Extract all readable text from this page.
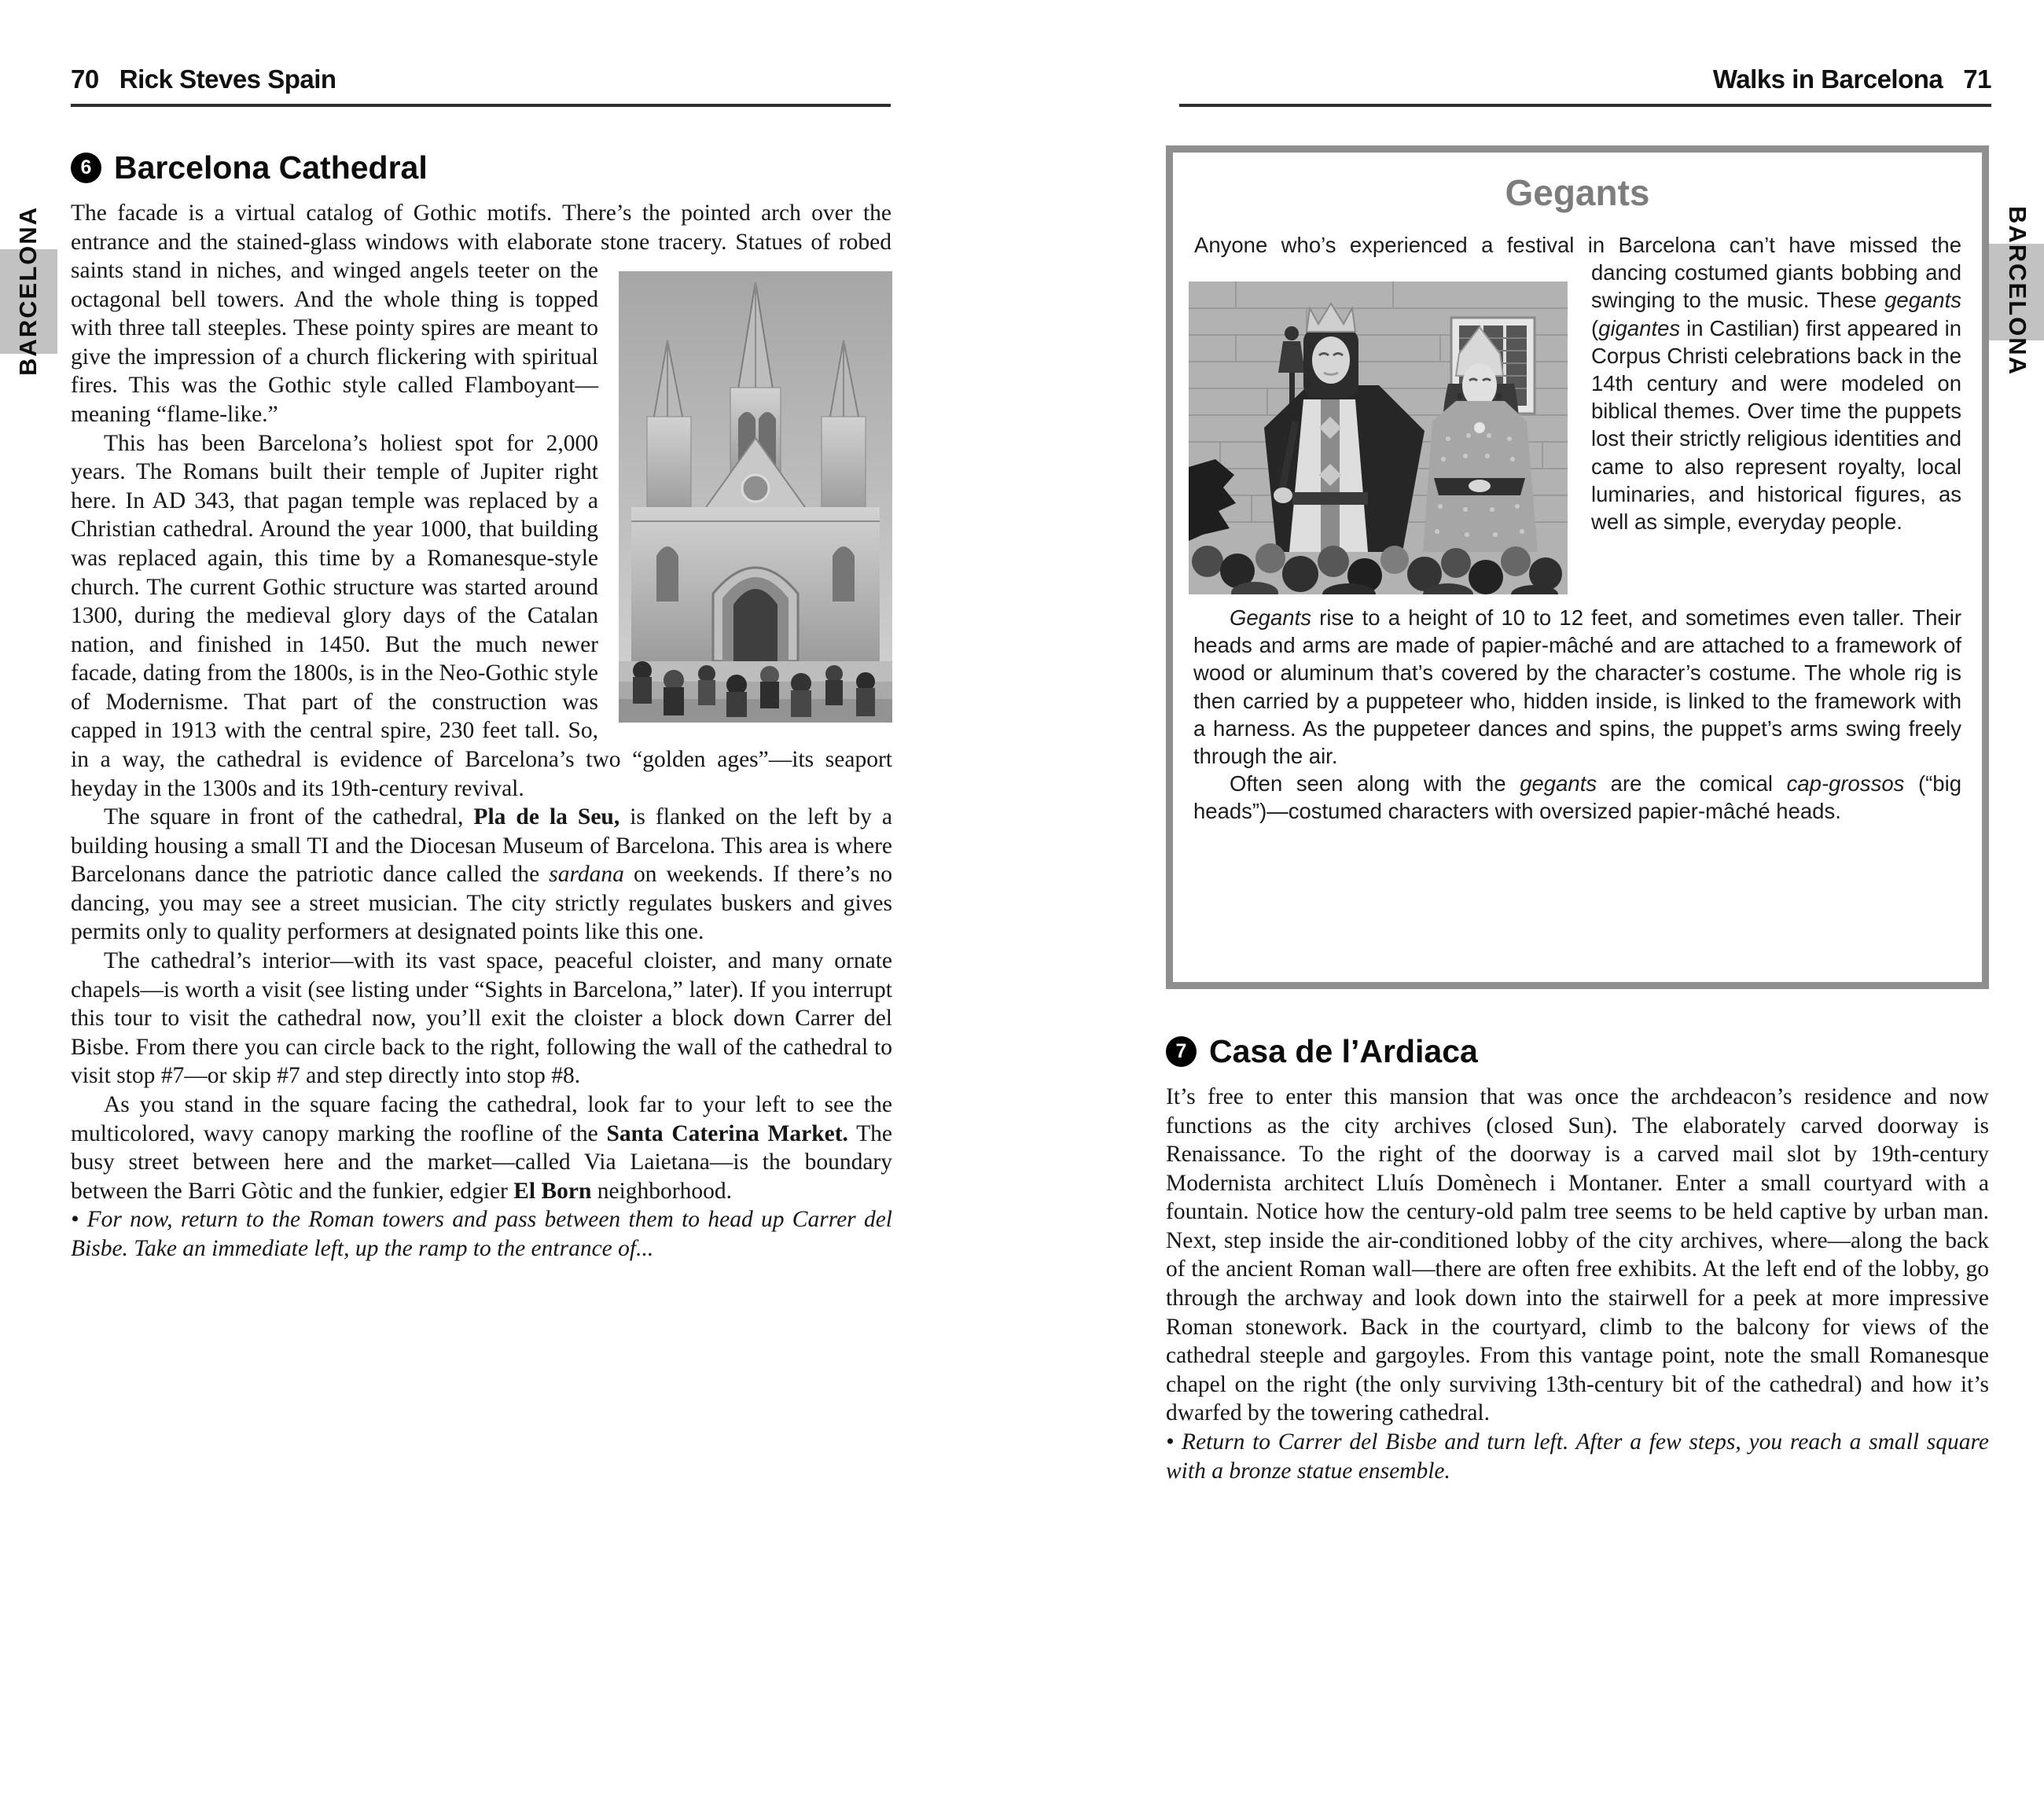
70 Rick Steves Spain	Walks in Barcelona 71
BARCELONA	BARCELONA
6 Barcelona Cathedral

The facade is a virtual catalog of Gothic motifs. There’s the pointed arch over the entrance and the stained-glass windows with elaborate stone tracery. Statues of robed saints stand in niches, and winged angels teeter on the octagonal bell towers. And the whole thing is topped with three tall steeples. These pointy spires are meant to give the impression of a church flickering with spiritual fires. This was the Gothic style called Flamboyant—meaning “flame-like.”

This has been Barcelona’s holiest spot for 2,000 years. The Romans built their temple of Jupiter right here. In AD 343, that pagan temple was replaced by a Christian cathedral. Around the year 1000, that building was replaced again, this time by a Romanesque-style church. The current Gothic structure was started around 1300, during the medieval glory days of the Catalan nation, and finished in 1450. But the much newer facade, dating from the 1800s, is in the Neo-Gothic style of Modernisme. That part of the construction was capped in 1913 with the central spire, 230 feet tall. So, in a way, the cathedral is evidence of Barcelona’s two “golden ages”—its seaport heyday in the 1300s and its 19th-century revival.

The square in front of the cathedral, Pla de la Seu, is flanked on the left by a building housing a small TI and the Diocesan Museum of Barcelona. This area is where Barcelonans dance the patriotic dance called the sardana on weekends. If there’s no dancing, you may see a street musician. The city strictly regulates buskers and gives permits only to quality performers at designated points like this one.

The cathedral’s interior—with its vast space, peaceful cloister, and many ornate chapels—is worth a visit (see listing under “Sights in Barcelona,” later). If you interrupt this tour to visit the cathedral now, you’ll exit the cloister a block down Carrer del Bisbe. From there you can circle back to the right, following the wall of the cathedral to visit stop #7—or skip #7 and step directly into stop #8.

As you stand in the square facing the cathedral, look far to your left to see the multicolored, wavy canopy marking the roofline of the Santa Caterina Market. The busy street between here and the market—called Via Laietana—is the boundary between the Barri Gòtic and the funkier, edgier El Born neighborhood.

• For now, return to the Roman towers and pass between them to head up Carrer del Bisbe. Take an immediate left, up the ramp to the entrance of...

Gegants

Anyone who’s experienced a festival in Barcelona can’t have missed the dancing costumed giants bobbing and swinging to the music. These gegants (gigantes in Castilian) first appeared in Corpus Christi celebrations back in the 14th century and were modeled on biblical themes. Over time the puppets lost their strictly religious identities and came to also represent royalty, local luminaries, and historical figures, as well as simple, everyday people.

Gegants rise to a height of 10 to 12 feet, and sometimes even taller. Their heads and arms are made of papier-mâché and are attached to a framework of wood or aluminum that’s covered by the character’s costume. The whole rig is then carried by a puppeteer who, hidden inside, is linked to the framework with a harness. As the puppeteer dances and spins, the puppet’s arms swing freely through the air.

Often seen along with the gegants are the comical cap-grossos (“big heads”)—costumed characters with oversized papier-mâché heads.

7 Casa de l’Ardiaca

It’s free to enter this mansion that was once the archdeacon’s residence and now functions as the city archives (closed Sun). The elaborately carved doorway is Renaissance. To the right of the doorway is a carved mail slot by 19th-century Modernista architect Lluís Domènech i Montaner. Enter a small courtyard with a fountain. Notice how the century-old palm tree seems to be held captive by urban man. Next, step inside the air-conditioned lobby of the city archives, where—along the back of the ancient Roman wall—there are often free exhibits. At the left end of the lobby, go through the archway and look down into the stairwell for a peek at more impressive Roman stonework. Back in the courtyard, climb to the balcony for views of the cathedral steeple and gargoyles. From this vantage point, note the small Romanesque chapel on the right (the only surviving 13th-century bit of the cathedral) and how it’s dwarfed by the towering cathedral.

• Return to Carrer del Bisbe and turn left. After a few steps, you reach a small square with a bronze statue ensemble.
